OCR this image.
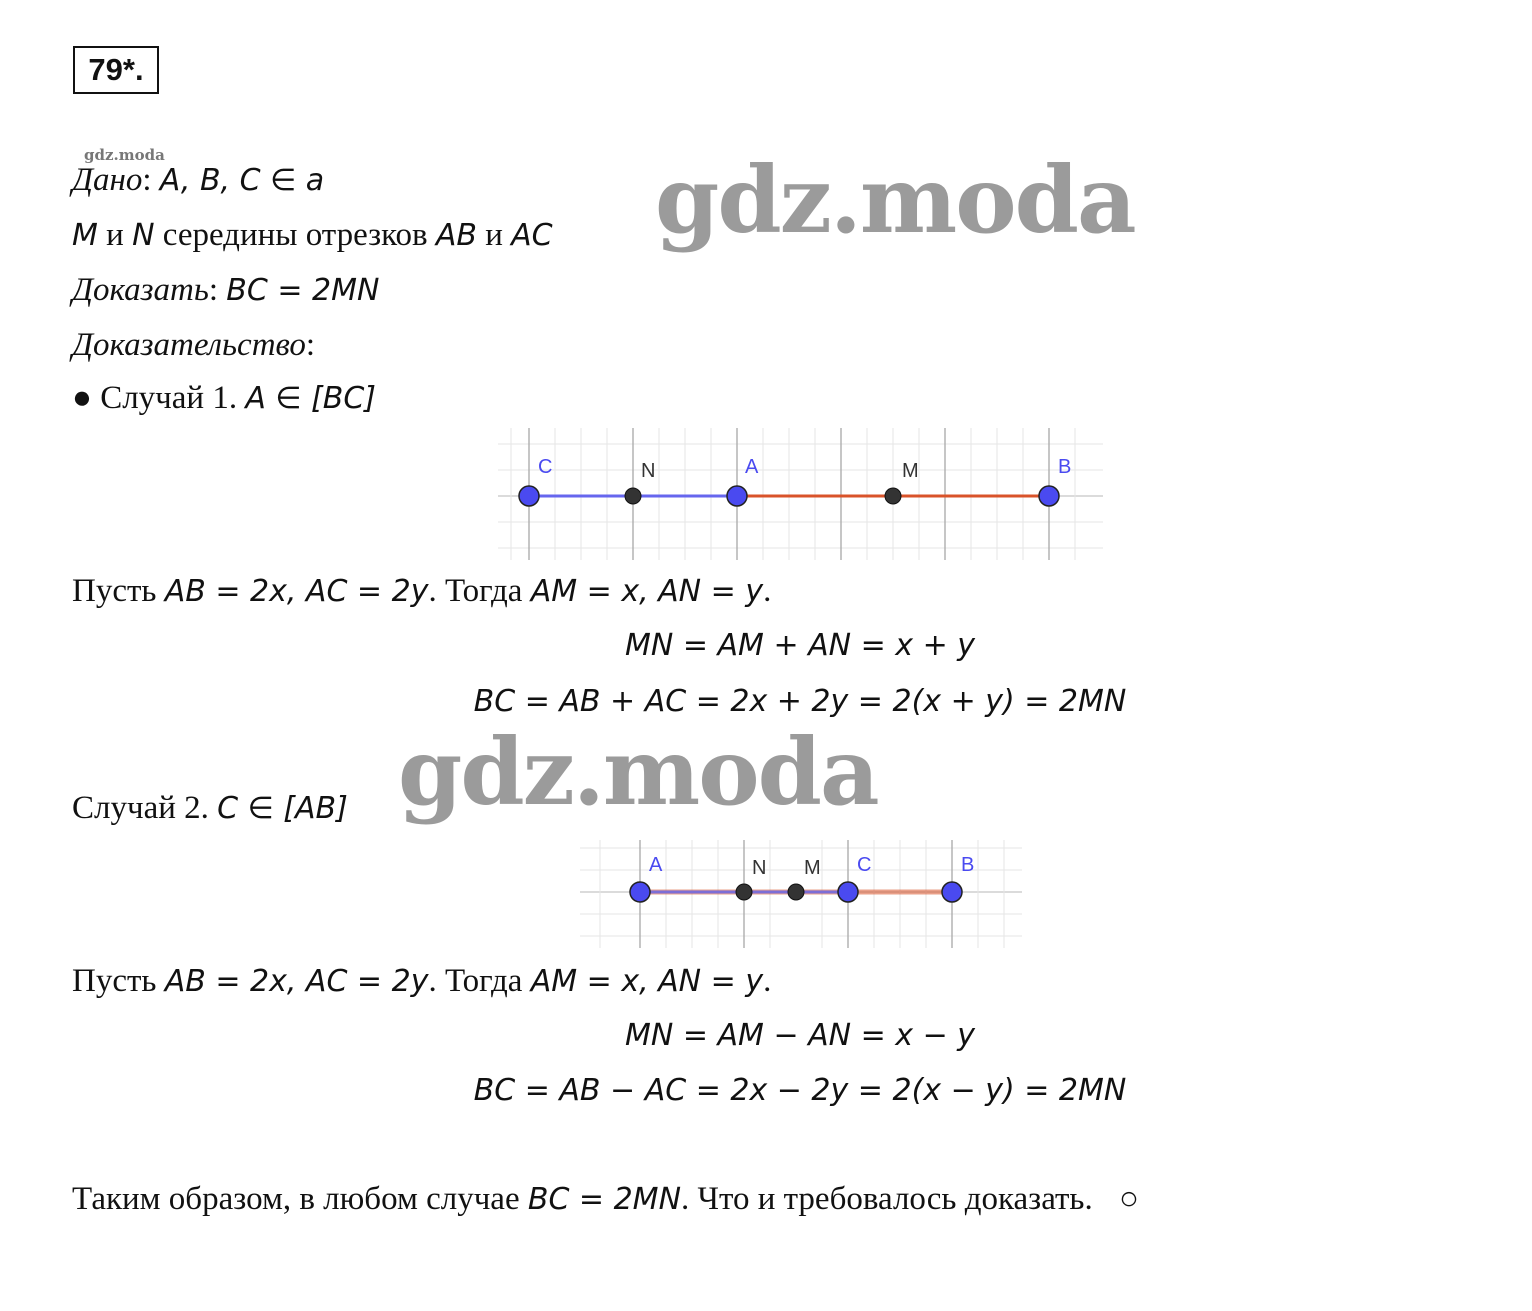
79*.
gdz.moda	gdz.moda
Дано: A, B, C ∈ a
M и N середины отрезков AB и AC
Доказать: BC = 2MN
Доказательство:
● Случай 1. A ∈ [BC]
C	N	A	M	B
Пусть AB = 2x, AC = 2y. Тогда AM = x, AN = y.
MN = AM + AN = x + y
BC = AB + AC = 2x + 2y = 2(x + y) = 2MN
gdz.moda
Случай 2. C ∈ [AB]
A	N M C	B
Пусть AB = 2x, AC = 2y. Тогда AM = x, AN = y.
MN = AM − AN = x − y
BC = AB − AC = 2x − 2y = 2(x − y) = 2MN
Таким образом, в любом случае BC = 2MN. Что и требовалось доказать. ○
